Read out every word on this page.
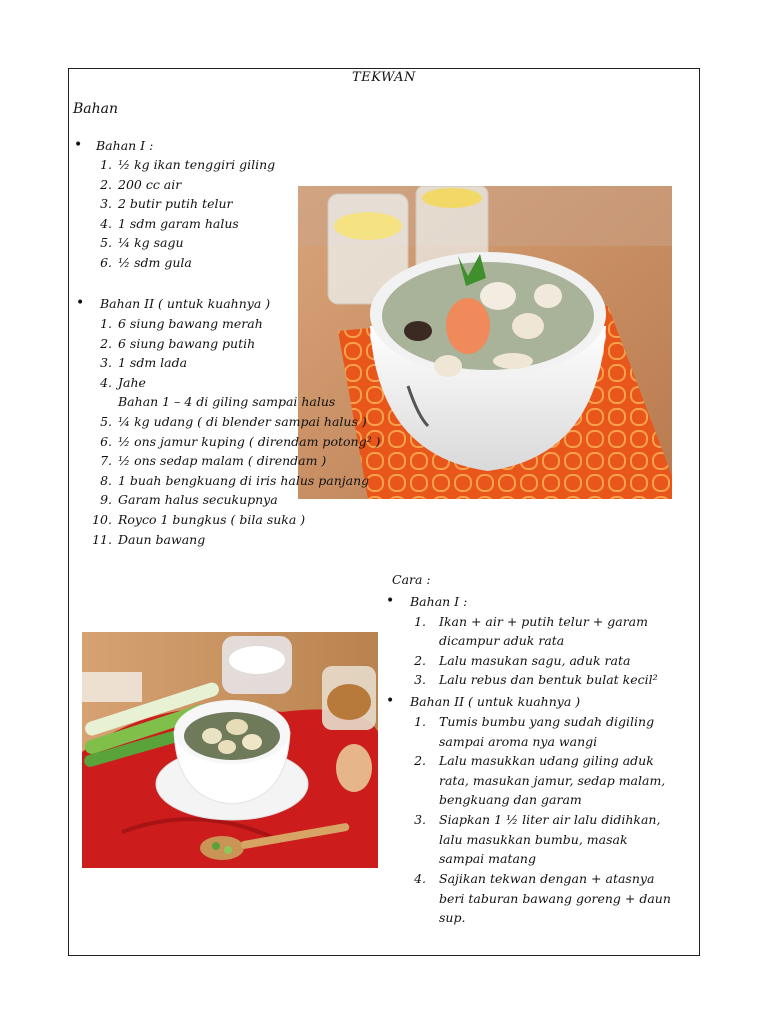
TEKWAN
Bahan
• Bahan I :
1. ½ kg ikan tenggiri giling
2. 200 cc air
3. 2 butir putih telur
4. 1 sdm garam halus
5. ¼ kg sagu
6. ½ sdm gula
• Bahan II ( untuk kuahnya )
1. 6 siung bawang merah
2. 6 siung bawang putih
3. 1 sdm lada
4. Jahe
Bahan 1 – 4 di giling sampai halus
5. ¼ kg udang ( di blender sampai halus )
6. ½ ons jamur kuping ( direndam potong² )
7. ½ ons sedap malam ( direndam )
8. 1 buah bengkuang di iris halus panjang
9. Garam halus secukupnya
10. Royco 1 bungkus ( bila suka )
11. Daun bawang
Cara :
• Bahan I :
1. Ikan + air + putih telur + garam
dicampur aduk rata
2. Lalu masukan sagu, aduk rata
3. Lalu rebus dan bentuk bulat kecil²
• Bahan II ( untuk kuahnya )
1. Tumis bumbu yang sudah digiling
sampai aroma nya wangi
2. Lalu masukkan udang giling aduk
rata, masukan jamur, sedap malam,
bengkuang dan garam
3. Siapkan 1 ½ liter air lalu didihkan,
lalu masukkan bumbu, masak
sampai matang
4. Sajikan tekwan dengan + atasnya
beri taburan bawang goreng + daun
sup.
